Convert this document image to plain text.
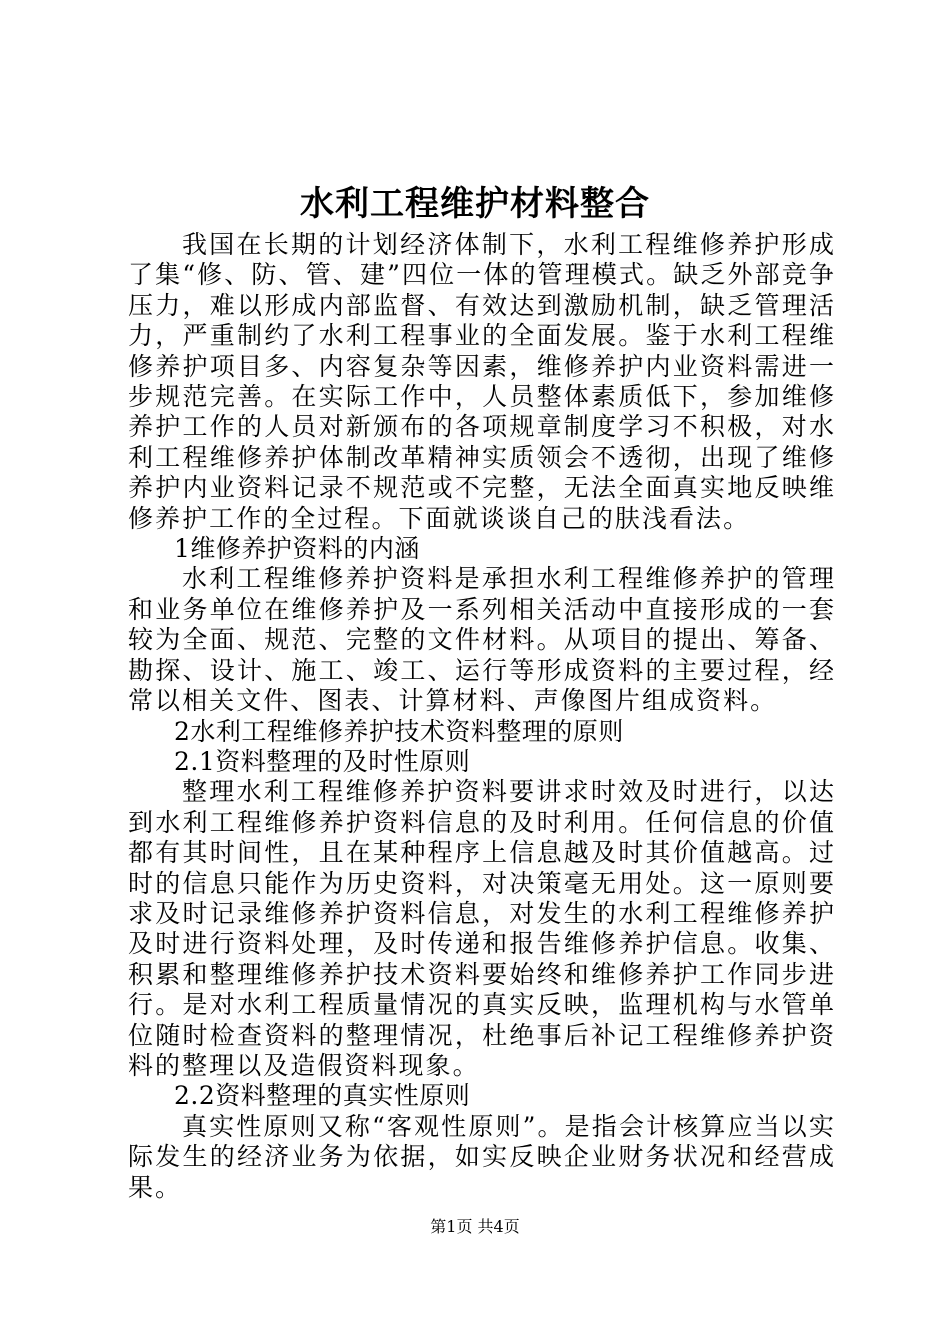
水利工程维护材料整合

我国在长期的计划经济体制下，水利工程维修养护形成了集“修、防、管、建”四位一体的管理模式。缺乏外部竞争压力，难以形成内部监督、有效达到激励机制，缺乏管理活力，严重制约了水利工程事业的全面发展。鉴于水利工程维修养护项目多、内容复杂等因素，维修养护内业资料需进一步规范完善。在实际工作中，人员整体素质低下，参加维修养护工作的人员对新颁布的各项规章制度学习不积极，对水利工程维修养护体制改革精神实质领会不透彻，出现了维修养护内业资料记录不规范或不完整，无法全面真实地反映维修养护工作的全过程。下面就谈谈自己的肤浅看法。

1维修养护资料的内涵

水利工程维修养护资料是承担水利工程维修养护的管理和业务单位在维修养护及一系列相关活动中直接形成的一套较为全面、规范、完整的文件材料。从项目的提出、筹备、勘探、设计、施工、竣工、运行等形成资料的主要过程，经常以相关文件、图表、计算材料、声像图片组成资料。

2水利工程维修养护技术资料整理的原则

2.1资料整理的及时性原则

整理水利工程维修养护资料要讲求时效及时进行，以达到水利工程维修养护资料信息的及时利用。任何信息的价值都有其时间性，且在某种程序上信息越及时其价值越高。过时的信息只能作为历史资料，对决策毫无用处。这一原则要求及时记录维修养护资料信息，对发生的水利工程维修养护及时进行资料处理，及时传递和报告维修养护信息。收集、积累和整理维修养护技术资料要始终和维修养护工作同步进行。是对水利工程质量情况的真实反映，监理机构与水管单位随时检查资料的整理情况，杜绝事后补记工程维修养护资料的整理以及造假资料现象。

2.2资料整理的真实性原则

真实性原则又称“客观性原则”。是指会计核算应当以实际发生的经济业务为依据，如实反映企业财务状况和经营成果。

第1页 共4页
